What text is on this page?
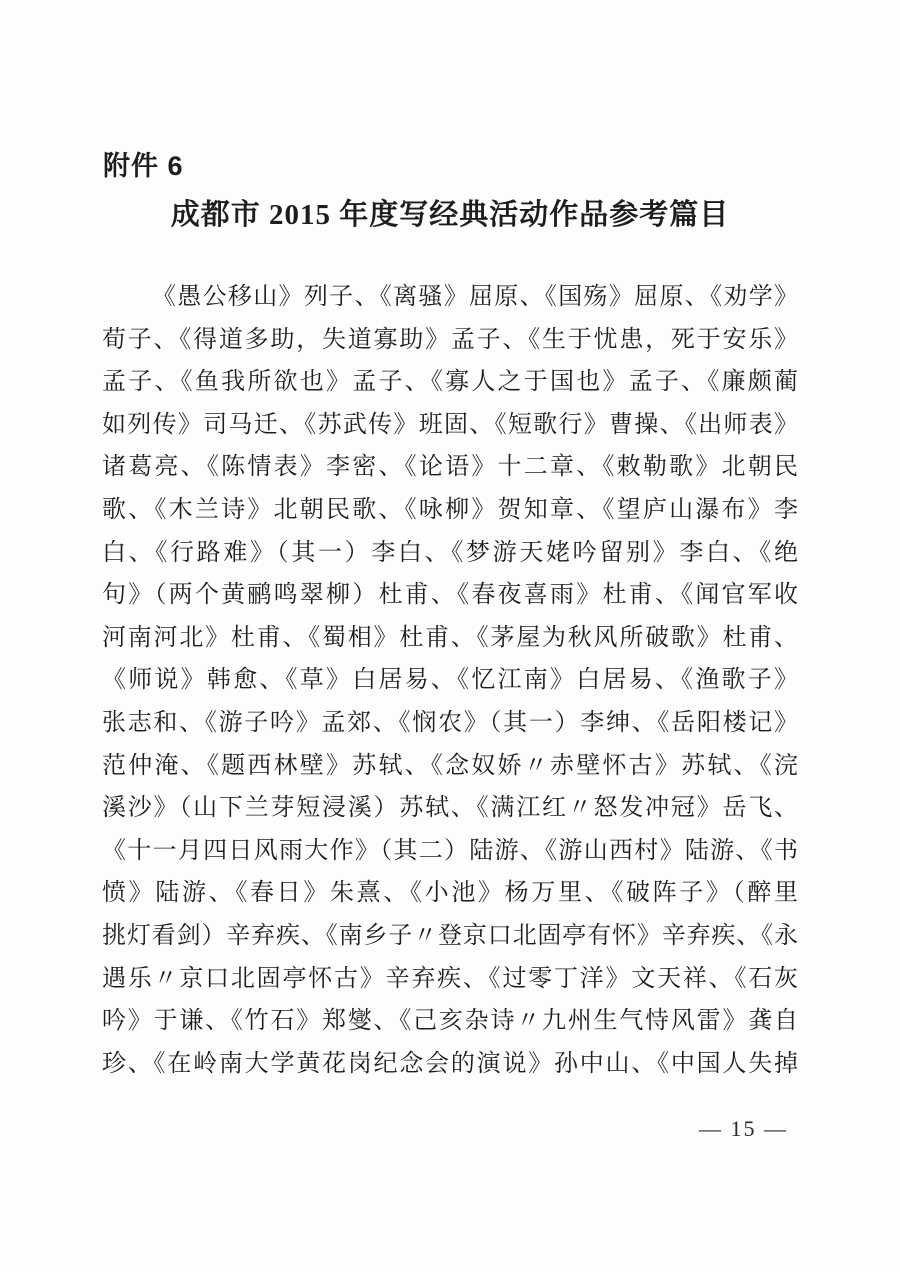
附件 6
成都市 2015 年度写经典活动作品参考篇目
《愚公移山》列子、《离骚》屈原、《国殇》屈原、《劝学》
荀子、《得道多助，失道寡助》孟子、《生于忧患，死于安乐》
孟子、《鱼我所欲也》孟子、《寡人之于国也》孟子、《廉颇蔺
如列传》司马迁、《苏武传》班固、《短歌行》曹操、《出师表》
诸葛亮、《陈情表》李密、《论语》十二章、《敕勒歌》北朝民
歌、《木兰诗》北朝民歌、《咏柳》贺知章、《望庐山瀑布》李
白、《行路难》（其一）李白、《梦游天姥吟留别》李白、《绝
句》（两个黄鹂鸣翠柳）杜甫、《春夜喜雨》杜甫、《闻官军收
河南河北》杜甫、《蜀相》杜甫、《茅屋为秋风所破歌》杜甫、
《师说》韩愈、《草》白居易、《忆江南》白居易、《渔歌子》
张志和、《游子吟》孟郊、《悯农》（其一）李绅、《岳阳楼记》
范仲淹、《题西林壁》苏轼、《念奴娇〃赤壁怀古》苏轼、《浣
溪沙》（山下兰芽短浸溪）苏轼、《满江红〃怒发冲冠》岳飞、
《十一月四日风雨大作》（其二）陆游、《游山西村》陆游、《书
愤》陆游、《春日》朱熹、《小池》杨万里、《破阵子》（醉里
挑灯看剑）辛弃疾、《南乡子〃登京口北固亭有怀》辛弃疾、《永
遇乐〃京口北固亭怀古》辛弃疾、《过零丁洋》文天祥、《石灰
吟》于谦、《竹石》郑燮、《己亥杂诗〃九州生气恃风雷》龚自
珍、《在岭南大学黄花岗纪念会的演说》孙中山、《中国人失掉
— 15 —
